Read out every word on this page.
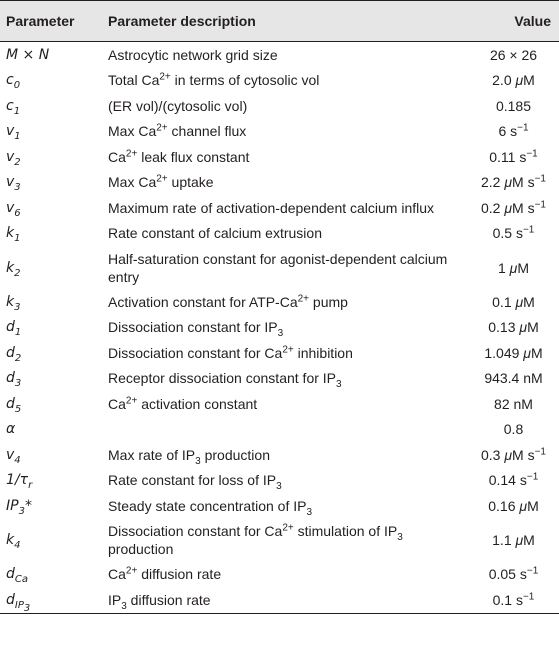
Parameter	Parameter description	Value
M × N	Astrocytic network grid size	26 × 26
$c_0$	Total $Ca^{2+}$ in terms of cytosolic vol	2.0 μM
$c_1$	(ER vol)/(cytosolic vol)	0.185
$v_1$	Max $Ca^{2+}$ channel flux	6 $s^{-1}$
$v_2$	$Ca^{2+}$ leak flux constant	0.11 $s^{-1}$
$v_3$	Max $Ca^{2+}$ uptake	2.2 μM $s^{-1}$
$v_6$	Maximum rate of activation-dependent calcium influx	0.2 μM $s^{-1}$
$k_1$	Rate constant of calcium extrusion	0.5 $s^{-1}$
$k_2$	Half-saturation constant for agonist-dependent calcium entry	1 μM
$k_3$	Activation constant for ATP-$Ca^{2+}$ pump	0.1 μM
$d_1$	Dissociation constant for $IP_3$	0.13 μM
$d_2$	Dissociation constant for $Ca^{2+}$ inhibition	1.049 μM
$d_3$	Receptor dissociation constant for $IP_3$	943.4 nM
$d_5$	$Ca^{2+}$ activation constant	82 nM
α		0.8
$v_4$	Max rate of $IP_3$ production	0.3 μM $s^{-1}$
$1/\tau_r$	Rate constant for loss of $IP_3$	0.14 $s^{-1}$
$IP_3*$	Steady state concentration of $IP_3$	0.16 μM
$k_4$	Dissociation constant for $Ca^{2+}$ stimulation of $IP_3$ production	1.1 μM
$d_{Ca}$	$Ca^{2+}$ diffusion rate	0.05 $s^{-1}$
$d_{IP_3}$	$IP_3$ diffusion rate	0.1 $s^{-1}$
